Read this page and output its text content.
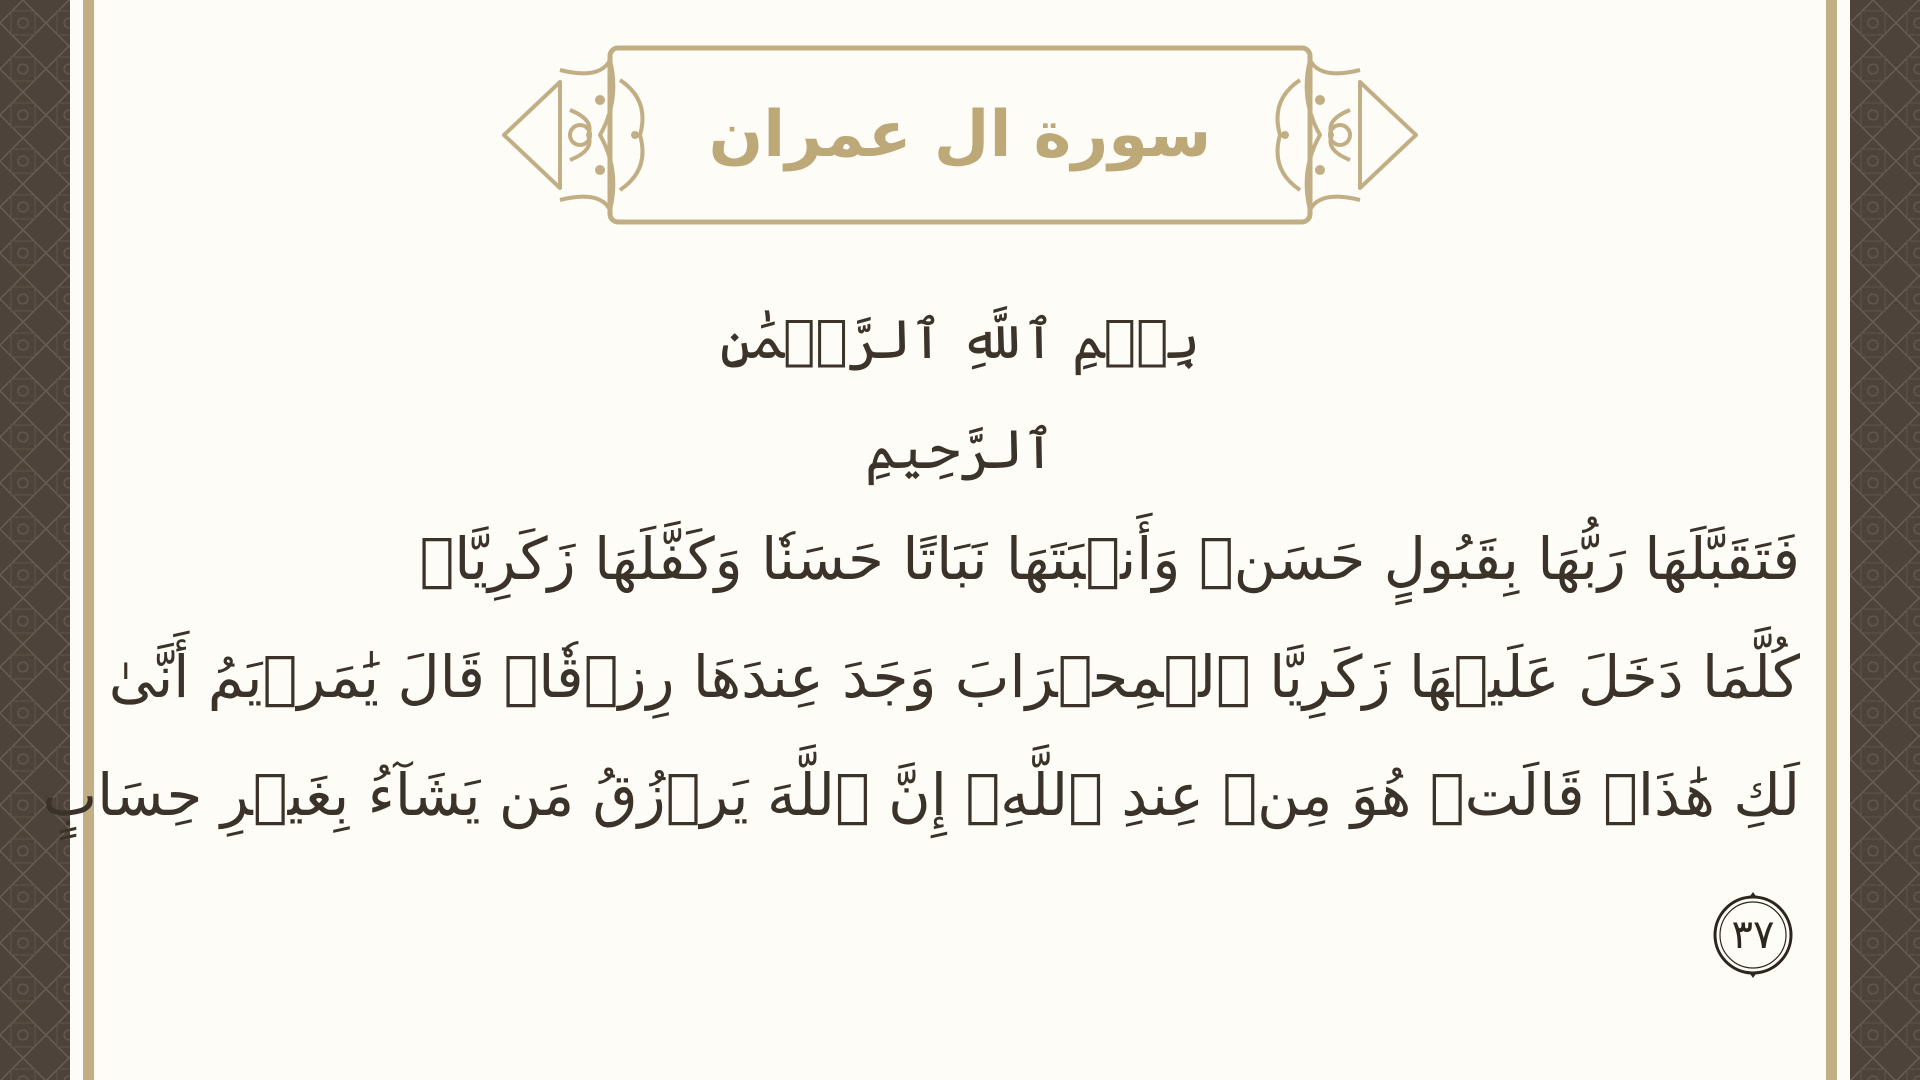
سورة ال عمران
بِسۡمِ ٱللَّهِ ٱلرَّحۡمَٰنِ ٱلرَّحِيمِ
فَتَقَبَّلَهَا رَبُّهَا بِقَبُولٍ حَسَنٖ وَأَنۢبَتَهَا نَبَاتًا حَسَنٗا وَكَفَّلَهَا زَكَرِيَّاۖ
كُلَّمَا دَخَلَ عَلَيۡهَا زَكَرِيَّا ٱلۡمِحۡرَابَ وَجَدَ عِندَهَا رِزۡقٗاۖ قَالَ يَٰمَرۡيَمُ أَنَّىٰ
لَكِ هَٰذَاۖ قَالَتۡ هُوَ مِنۡ عِندِ ٱللَّهِۖ إِنَّ ٱللَّهَ يَرۡزُقُ مَن يَشَآءُ بِغَيۡرِ حِسَابٍ
٣٧
